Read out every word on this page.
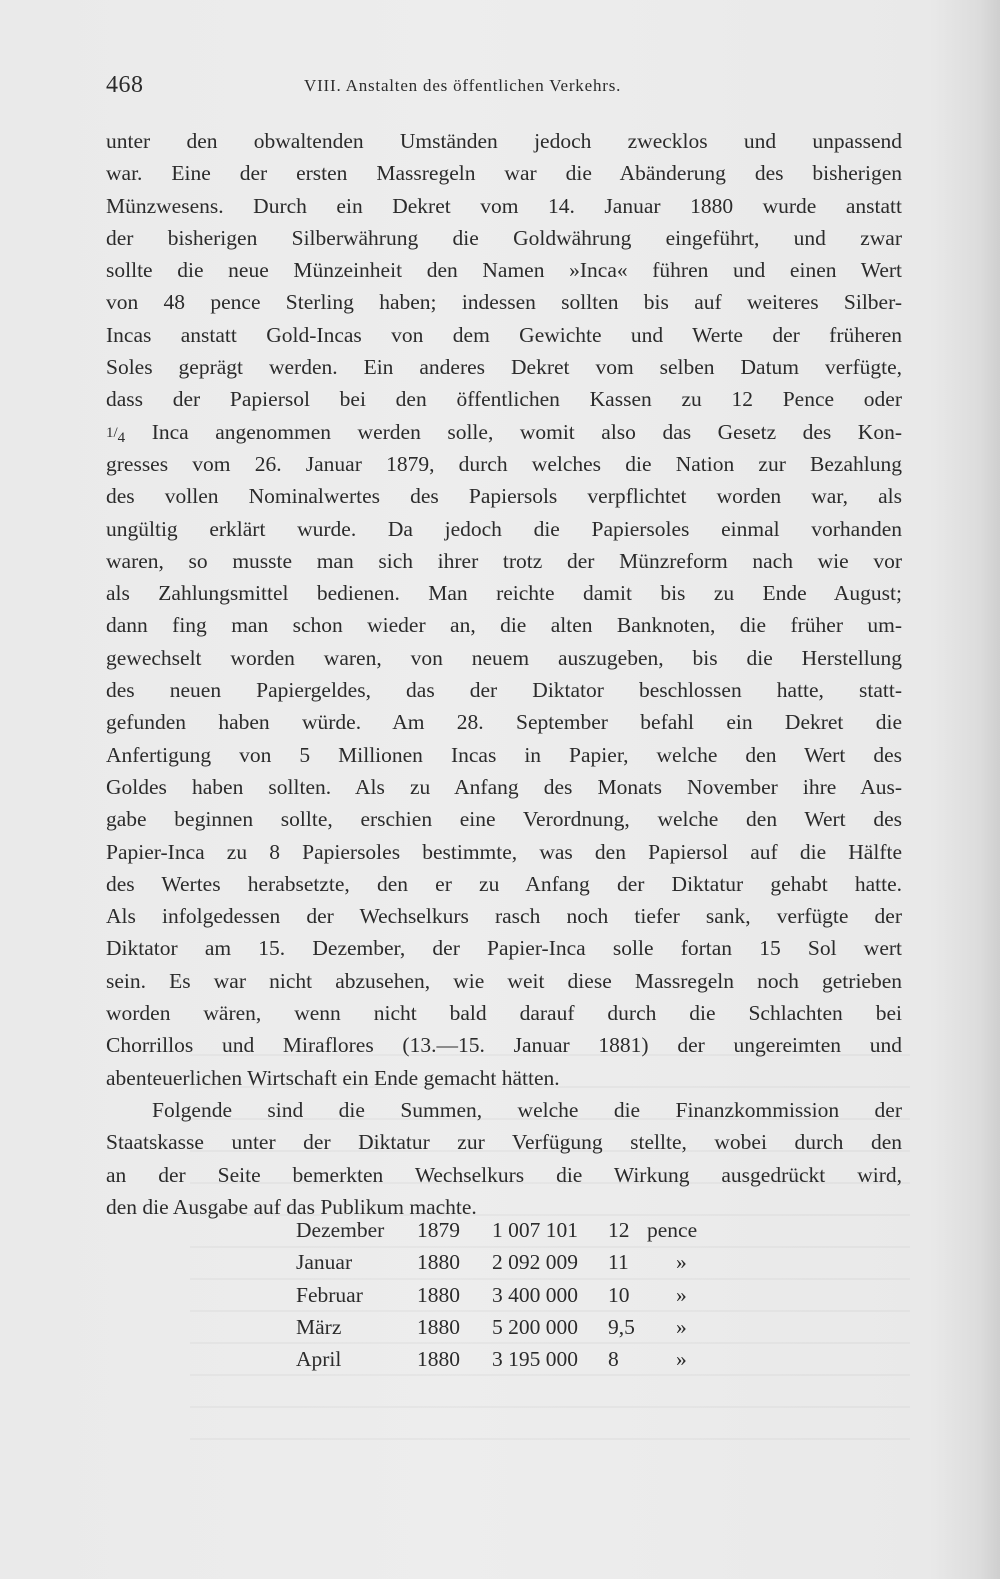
468	VIII. Anstalten des öffentlichen Verkehrs.
unter den obwaltenden Umständen jedoch zwecklos und unpassend
war. Eine der ersten Massregeln war die Abänderung des bisherigen
Münzwesens. Durch ein Dekret vom 14. Januar 1880 wurde anstatt
der bisherigen Silberwährung die Goldwährung eingeführt, und zwar
sollte die neue Münzeinheit den Namen »Inca« führen und einen Wert
von 48 pence Sterling haben; indessen sollten bis auf weiteres Silber-
Incas anstatt Gold-Incas von dem Gewichte und Werte der früheren
Soles geprägt werden. Ein anderes Dekret vom selben Datum verfügte,
dass der Papiersol bei den öffentlichen Kassen zu 12 Pence oder
1/4 Inca angenommen werden solle, womit also das Gesetz des Kon-
gresses vom 26. Januar 1879, durch welches die Nation zur Bezahlung
des vollen Nominalwertes des Papiersols verpflichtet worden war, als
ungültig erklärt wurde. Da jedoch die Papiersoles einmal vorhanden
waren, so musste man sich ihrer trotz der Münzreform nach wie vor
als Zahlungsmittel bedienen. Man reichte damit bis zu Ende August;
dann fing man schon wieder an, die alten Banknoten, die früher um-
gewechselt worden waren, von neuem auszugeben, bis die Herstellung
des neuen Papiergeldes, das der Diktator beschlossen hatte, statt-
gefunden haben würde. Am 28. September befahl ein Dekret die
Anfertigung von 5 Millionen Incas in Papier, welche den Wert des
Goldes haben sollten. Als zu Anfang des Monats November ihre Aus-
gabe beginnen sollte, erschien eine Verordnung, welche den Wert des
Papier-Inca zu 8 Papiersoles bestimmte, was den Papiersol auf die Hälfte
des Wertes herabsetzte, den er zu Anfang der Diktatur gehabt hatte.
Als infolgedessen der Wechselkurs rasch noch tiefer sank, verfügte der
Diktator am 15. Dezember, der Papier-Inca solle fortan 15 Sol wert
sein. Es war nicht abzusehen, wie weit diese Massregeln noch getrieben
worden wären, wenn nicht bald darauf durch die Schlachten bei
Chorrillos und Miraflores (13.—15. Januar 1881) der ungereimten und
abenteuerlichen Wirtschaft ein Ende gemacht hätten.
Folgende sind die Summen, welche die Finanzkommission der
Staatskasse unter der Diktatur zur Verfügung stellte, wobei durch den
an der Seite bemerkten Wechselkurs die Wirkung ausgedrückt wird,
den die Ausgabe auf das Publikum machte.
Dezember 1879 1 007 101 12 pence
Januar	1880 2 092 009 11 »
Februar	1880 3 400 000 10 »
März	1880 5 200 000 9,5 »
April	1880 3 195 000 8	»
